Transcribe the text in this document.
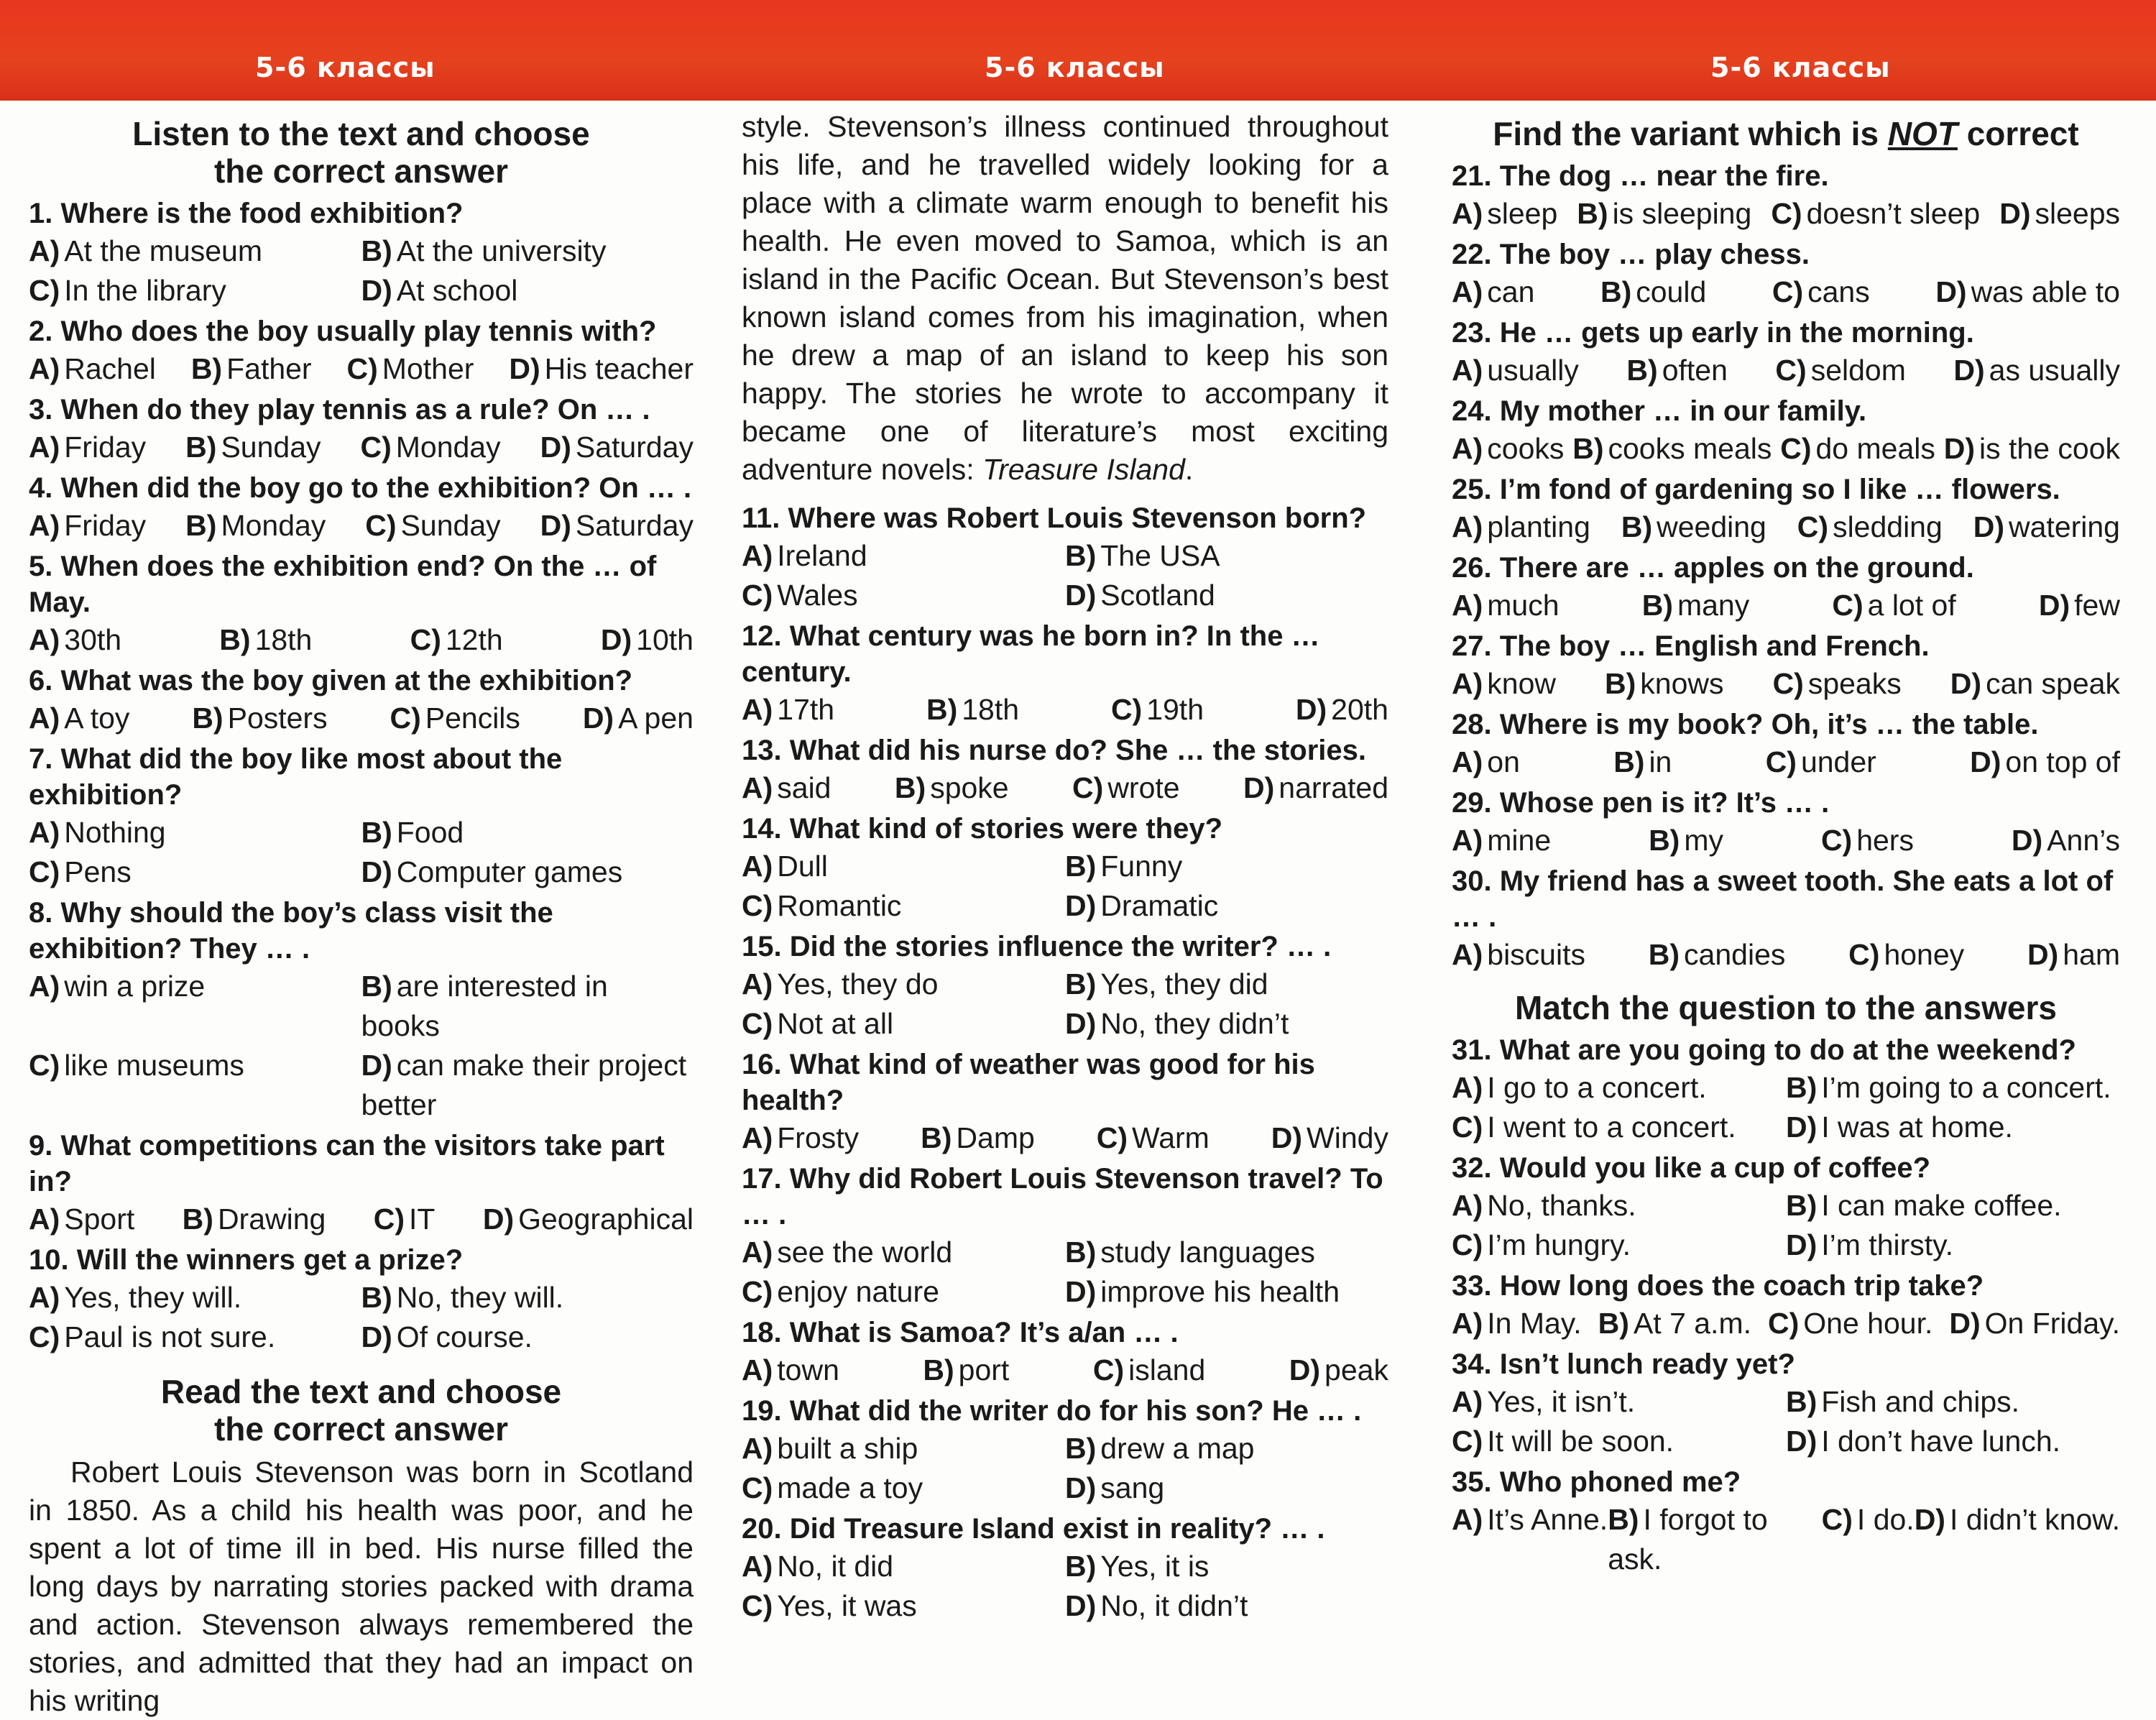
5-6 классы	5-6 классы	5-6 классы
Listen to the text and choose
the correct answer
1. Where is the food exhibition?
A) At the museum	B) At the university
C) In the library	D) At school
2. Who does the boy usually play tennis with?
A) Rachel B) Father C) Mother D) His teacher
3. When do they play tennis as a rule? On … .
A) Friday B) Sunday C) Monday D) Saturday
4. When did the boy go to the exhibition? On … .
A) Friday B) Monday C) Sunday D) Saturday
5. When does the exhibition end? On the … of May.
A) 30th	B) 18th	C) 12th	D) 10th
6. What was the boy given at the exhibition?
A) A toy B) Posters C) Pencils D) A pen
7. What did the boy like most about the exhibition?
A) Nothing	B) Food
C) Pens	D) Computer games
8. Why should the boy’s class visit the exhibition? They … .
A) win a prize	B) are interested in books
C) like museums	D) can make their project better
9. What competitions can the visitors take part in?
A) Sport B) Drawing C) IT D) Geographical
10. Will the winners get a prize?
A) Yes, they will.	B) No, they will.
C) Paul is not sure.	D) Of course.
Read the text and choose
the correct answer

Robert Louis Stevenson was born in Scotland in 1850. As a child his health was poor, and he spent a lot of time ill in bed. His nurse filled the long days by narrating stories packed with drama and action. Stevenson always remembered the stories, and admitted that they had an impact on his writing

style. Stevenson’s illness continued throughout his life, and he travelled widely looking for a place with a climate warm enough to benefit his health. He even moved to Samoa, which is an island in the Pacific Ocean. But Stevenson’s best known island comes from his imagination, when he drew a map of an island to keep his son happy. The stories he wrote to accompany it became one of literature’s most exciting adventure novels: Treasure Island.

11. Where was Robert Louis Stevenson born?
A) Ireland	B) The USA
C) Wales	D) Scotland
12. What century was he born in? In the … century.
A) 17th	B) 18th	C) 19th	D) 20th
13. What did his nurse do? She … the stories.
A) said B) spoke C) wrote D) narrated
14. What kind of stories were they?
A) Dull	B) Funny
C) Romantic	D) Dramatic
15. Did the stories influence the writer? … .
A) Yes, they do	B) Yes, they did
C) Not at all	D) No, they didn’t
16. What kind of weather was good for his health?
A) Frosty B) Damp C) Warm D) Windy
17. Why did Robert Louis Stevenson travel? To … .
A) see the world	B) study languages
C) enjoy nature	D) improve his health
18. What is Samoa? It’s a/an … .
A) town	B) port	C) island	D) peak
19. What did the writer do for his son? He … .
A) built a ship	B) drew a map
C) made a toy	D) sang
20. Did Treasure Island exist in reality? … .
A) No, it did	B) Yes, it is
C) Yes, it was	D) No, it didn’t
Find the variant which is NOT correct
21. The dog … near the fire.
A) sleep B) is sleeping C) doesn’t sleep D) sleeps
22. The boy … play chess.
A) can B) could C) cans D) was able to
23. He … gets up early in the morning.
A) usually B) often C) seldom D) as usually
24. My mother … in our family.
A) cooks B) cooks meals C) do meals D) is the cook
25. I’m fond of gardening so I like … flowers.
A) planting B) weeding C) sledding D) watering
26. There are … apples on the ground.
A) much	B) many	C) a lot of	D) few
27. The boy … English and French.
A) know B) knows C) speaks D) can speak
28. Where is my book? Oh, it’s … the table.
A) on	B) in	C) under	D) on top of
29. Whose pen is it? It’s … .
A) mine	B) my	C) hers	D) Ann’s
30. My friend has a sweet tooth. She eats a lot of … .
A) biscuits B) candies C) honey D) ham
Match the question to the answers
31. What are you going to do at the weekend?
A) I go to a concert.	B) I’m going to a concert.
C) I went to a concert.	D) I was at home.
32. Would you like a cup of coffee?
A) No, thanks.	B) I can make coffee.
C) I’m hungry.	D) I’m thirsty.
33. How long does the coach trip take?
A) In May. B) At 7 a.m. C) One hour. D) On Friday.
34. Isn’t lunch ready yet?
A) Yes, it isn’t.	B) Fish and chips.
C) It will be soon.	D) I don’t have lunch.
35. Who phoned me?
A) It’s Anne. B) I forgot to ask.
C) I do. D) I didn’t know.
